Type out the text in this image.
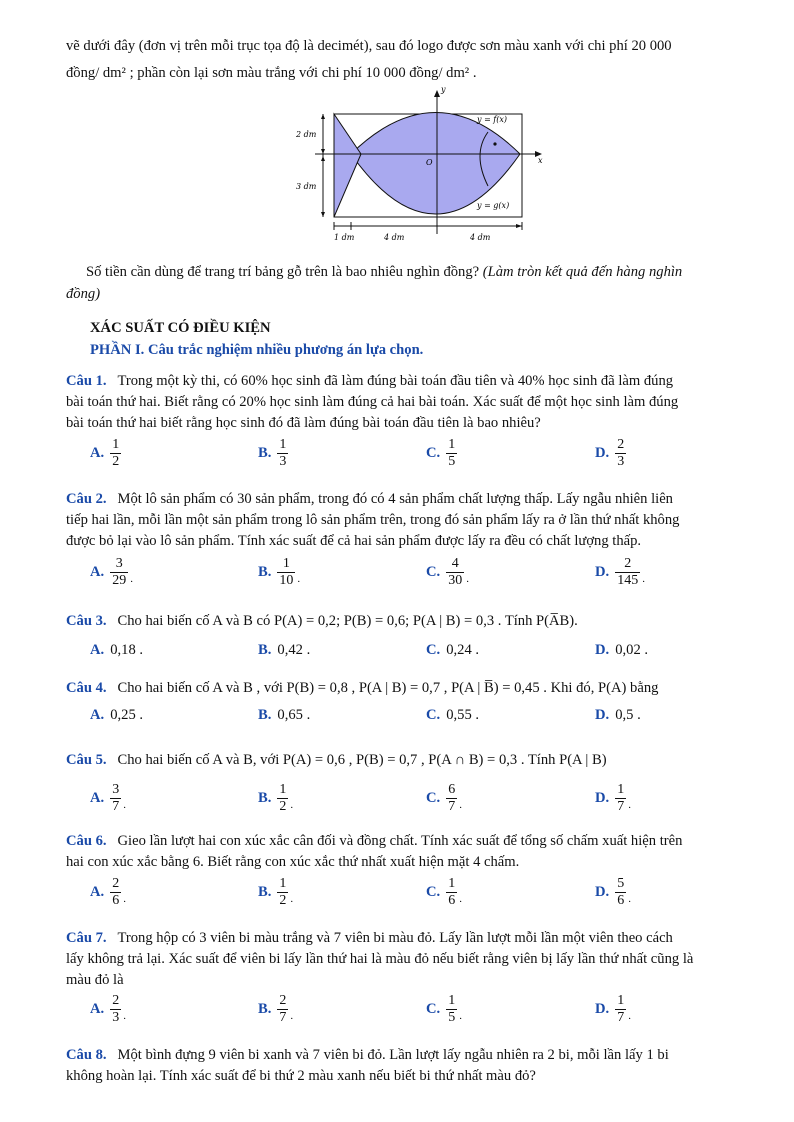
vẽ dưới đây (đơn vị trên mỗi trục tọa độ là decimét), sau đó logo được sơn màu xanh với chi phí 20 000
đồng/ dm² ; phần còn lại sơn màu trắng với chi phí 10 000 đồng/ dm² .
y
x
O
y = f(x)
y = g(x)
2 dm
3 dm
1 dm	4 dm	4 dm
Số tiền cần dùng để trang trí bảng gỗ trên là bao nhiêu nghìn đồng? (Làm tròn kết quả đến hàng nghìn
đồng)
XÁC SUẤT CÓ ĐIỀU KIỆN
PHẦN I. Câu trắc nghiệm nhiều phương án lựa chọn.
Câu 1. Trong một kỳ thi, có 60% học sinh đã làm đúng bài toán đầu tiên và 40% học sinh đã làm đúng
bài toán thứ hai. Biết rằng có 20% học sinh làm đúng cả hai bài toán. Xác suất để một học sinh làm đúng
bài toán thứ hai biết rằng học sinh đó đã làm đúng bài toán đầu tiên là bao nhiêu?
A. $\frac{1}{2}$	B. $\frac{1}{3}$	C. $\frac{1}{5}$	D. $\frac{2}{3}$
Câu 2. Một lô sản phẩm có 30 sản phẩm, trong đó có 4 sản phẩm chất lượng thấp. Lấy ngẫu nhiên liên
tiếp hai lần, mỗi lần một sản phẩm trong lô sản phẩm trên, trong đó sản phẩm lấy ra ở lần thứ nhất không
được bỏ lại vào lô sản phẩm. Tính xác suất để cả hai sản phẩm được lấy ra đều có chất lượng thấp.
A. $\frac{3}{29}$ .	B. $\frac{1}{10}$ .	C. $\frac{4}{30}$ .	D. $\frac{2}{145}$ .
Câu 3. Cho hai biến cố A và B có P(A) = 0,2; P(B) = 0,6; P(A | B) = 0,3 . Tính P(A̅B).
A. 0,18 .	B. 0,42 .	C. 0,24 .	D. 0,02 .
Câu 4. Cho hai biến cố A và B , với P(B) = 0,8 , P(A | B) = 0,7 , P(A | B̅) = 0,45 . Khi đó, P(A) bằng
A. 0,25 .	B. 0,65 .	C. 0,55 .	D. 0,5 .
Câu 5. Cho hai biến cố A và B, với P(A) = 0,6 , P(B) = 0,7 , P(A ∩ B) = 0,3 . Tính P(A | B)
A. $\frac{3}{7}$ .	B. $\frac{1}{2}$ .	C. $\frac{6}{7}$ .	D. $\frac{1}{7}$ .
Câu 6. Gieo lần lượt hai con xúc xắc cân đối và đồng chất. Tính xác suất để tổng số chấm xuất hiện trên
hai con xúc xắc bằng 6. Biết rằng con xúc xắc thứ nhất xuất hiện mặt 4 chấm.
A. $\frac{2}{6}$ .	B. $\frac{1}{2}$ .	C. $\frac{1}{6}$ .	D. $\frac{5}{6}$ .
Câu 7. Trong hộp có 3 viên bi màu trắng và 7 viên bi màu đỏ. Lấy lần lượt mỗi lần một viên theo cách
lấy không trả lại. Xác suất để viên bi lấy lần thứ hai là màu đỏ nếu biết rằng viên bị lấy lần thứ nhất cũng là
màu đỏ là
A. $\frac{2}{3}$ .	B. $\frac{2}{7}$ .	C. $\frac{1}{5}$ .	D. $\frac{1}{7}$ .
Câu 8. Một bình đựng 9 viên bi xanh và 7 viên bi đỏ. Lần lượt lấy ngẫu nhiên ra 2 bi, mỗi lần lấy 1 bi
không hoàn lại. Tính xác suất để bi thứ 2 màu xanh nếu biết bi thứ nhất màu đỏ?
